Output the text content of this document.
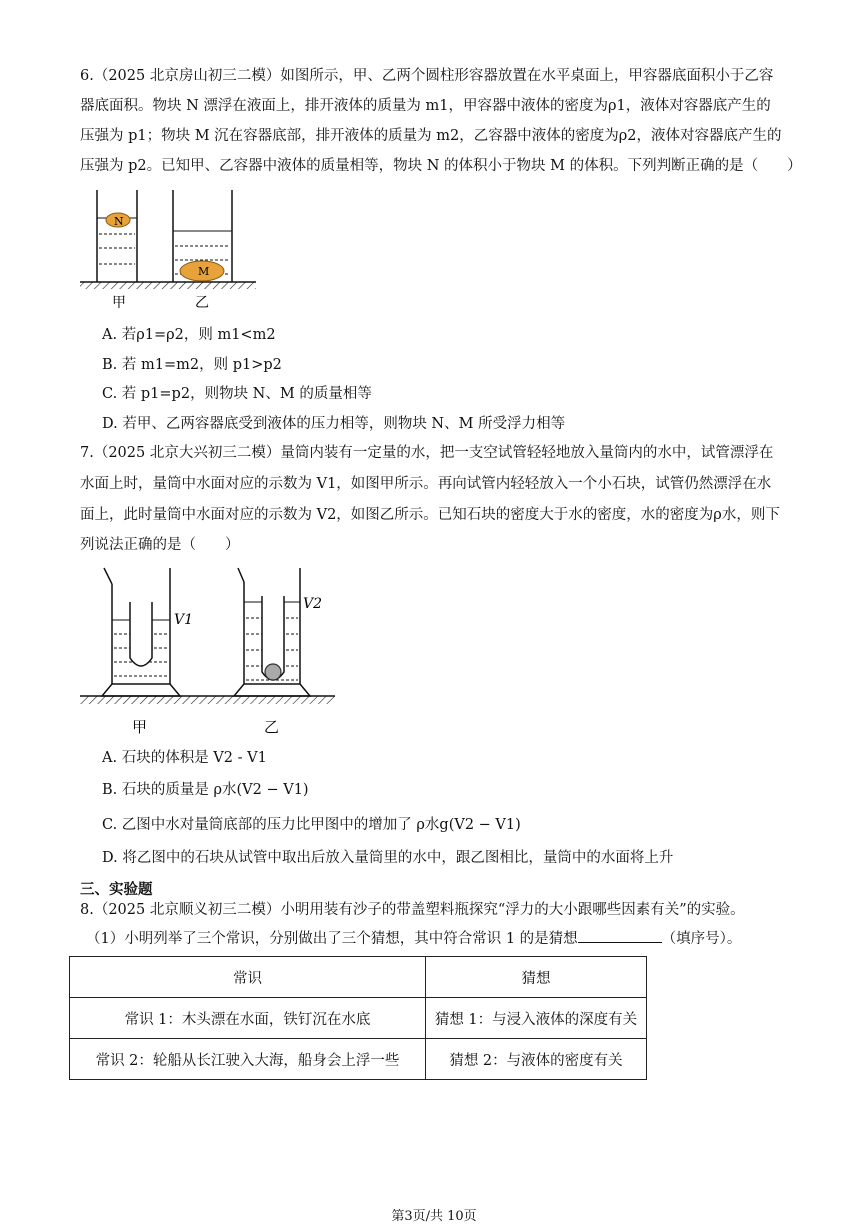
6.（2025 北京房山初三二模）如图所示，甲、乙两个圆柱形容器放置在水平桌面上，甲容器底面积小于乙容
器底面积。物块 N 漂浮在液面上，排开液体的质量为 m1，甲容器中液体的密度为ρ1，液体对容器底产生的
压强为 p1；物块 M 沉在容器底部，排开液体的质量为 m2，乙容器中液体的密度为ρ2，液体对容器底产生的
压强为 p2。已知甲、乙容器中液体的质量相等，物块 N 的体积小于物块 M 的体积。下列判断正确的是（　　）
N
M
甲	乙
A. 若ρ1=ρ2，则 m1<m2
B. 若 m1=m2，则 p1>p2
C. 若 p1=p2，则物块 N、M 的质量相等
D. 若甲、乙两容器底受到液体的压力相等，则物块 N、M 所受浮力相等
7.（2025 北京大兴初三二模）量筒内装有一定量的水，把一支空试管轻轻地放入量筒内的水中，试管漂浮在
水面上时，量筒中水面对应的示数为 V1，如图甲所示。再向试管内轻轻放入一个小石块，试管仍然漂浮在水
面上，此时量筒中水面对应的示数为 V2，如图乙所示。已知石块的密度大于水的密度，水的密度为ρ水，则下
列说法正确的是（　　）
V1
V2
甲	乙
A. 石块的体积是 V2 - V1
B. 石块的质量是 ρ水(V2 − V1)
C. 乙图中水对量筒底部的压力比甲图中的增加了 ρ水g(V2 − V1)
D. 将乙图中的石块从试管中取出后放入量筒里的水中，跟乙图相比，量筒中的水面将上升
三、实验题
8.（2025 北京顺义初三二模）小明用装有沙子的带盖塑料瓶探究“浮力的大小跟哪些因素有关”的实验。
（1）小明列举了三个常识，分别做出了三个猜想，其中符合常识 1 的是猜想	（填序号）。
常识	猜想
常识 1：木头漂在水面，铁钉沉在水底	猜想 1：与浸入液体的深度有关
常识 2：轮船从长江驶入大海，船身会上浮一些	猜想 2：与液体的密度有关
第3页/共 10页
